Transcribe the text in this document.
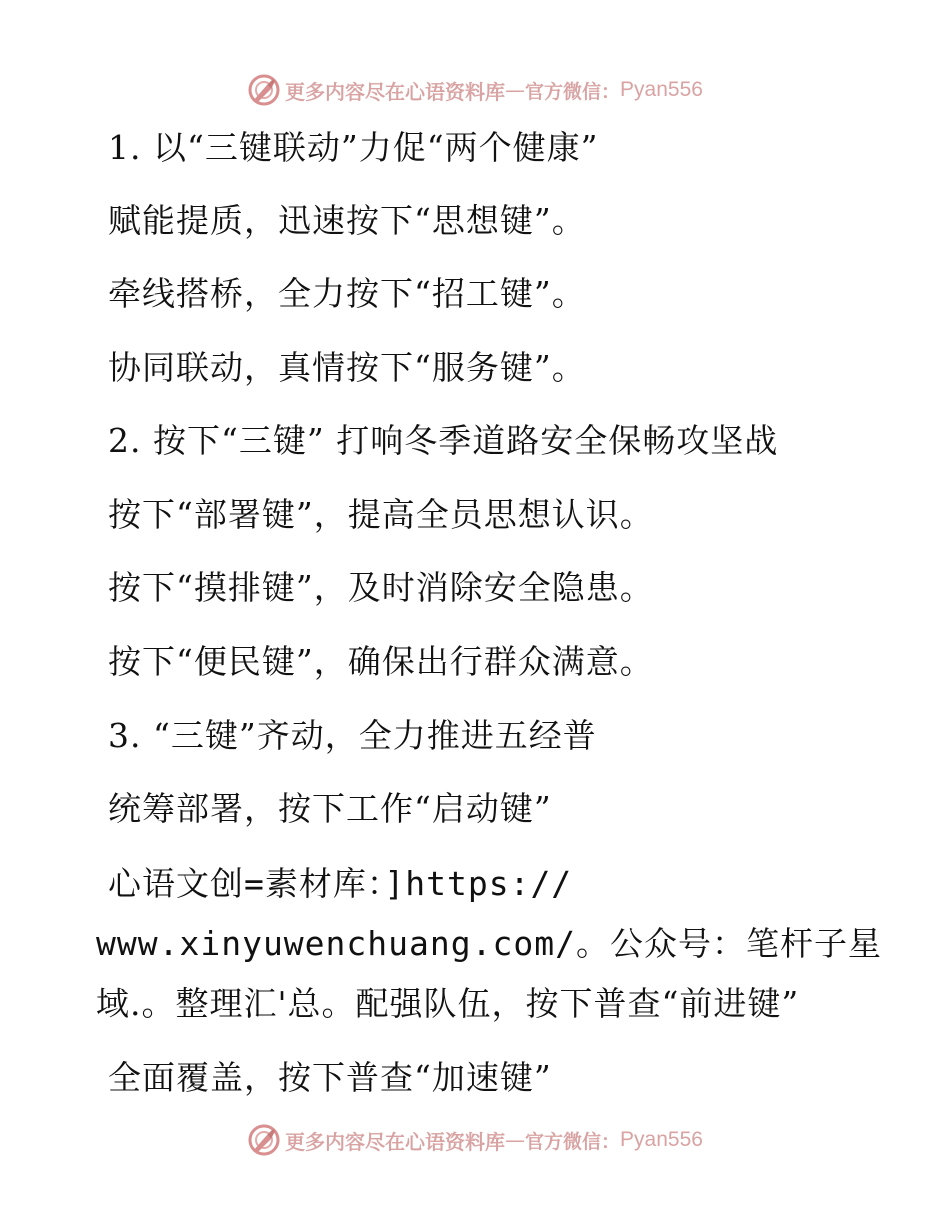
更多内容尽在心语资料库 — 官方微信： Pyan556
1. 以“三键联动”力促“两个健康”
赋能提质，迅速按下“思想键”。
牵线搭桥，全力按下“招工键”。
协同联动，真情按下“服务键”。
2. 按下“三键” 打响冬季道路安全保畅攻坚战
按下“部署键”，提高全员思想认识。
按下“摸排键”，及时消除安全隐患。
按下“便民键”，确保出行群众满意。
3. “三键”齐动，全力推进五经普
统筹部署，按下工作“启动键”
心语文创=素材库：]https://
www.xinyuwenchuang.com/。公众号：笔杆子星
域.。整理汇'总。配强队伍，按下普查“前进键”
全面覆盖，按下普查“加速键”
更多内容尽在心语资料库 — 官方微信： Pyan556
